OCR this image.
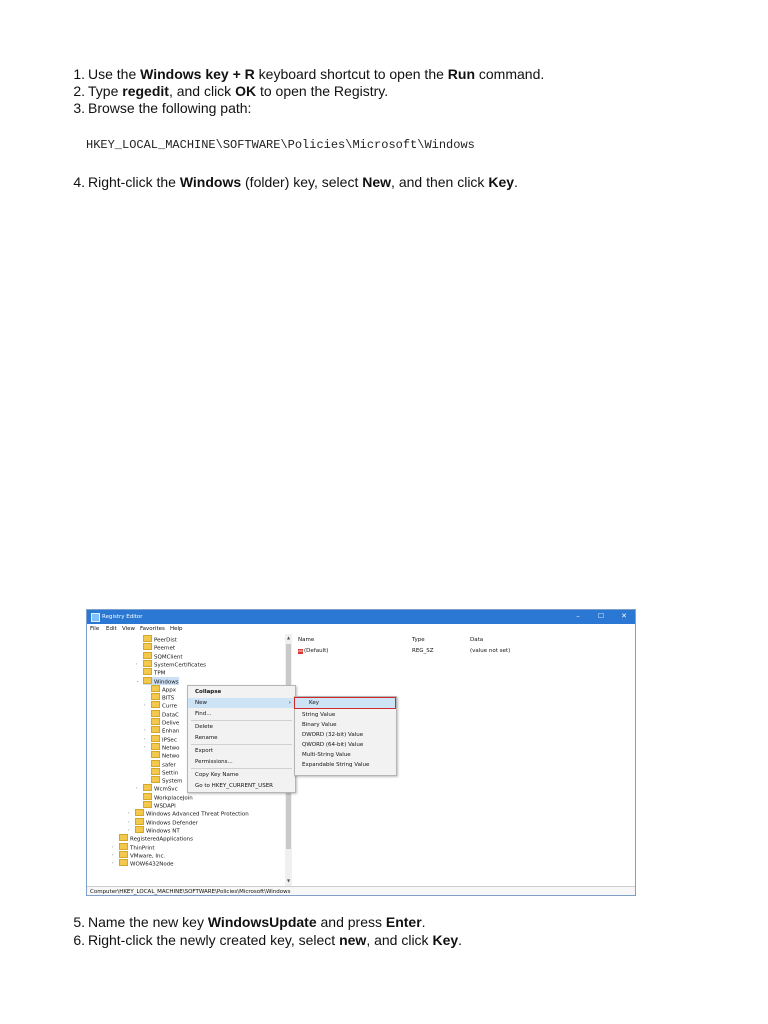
1. Use the Windows key + R keyboard shortcut to open the Run command.
2. Type regedit, and click OK to open the Registry.
3. Browse the following path:
HKEY_LOCAL_MACHINE\SOFTWARE\Policies\Microsoft\Windows
4. Right-click the Windows (folder) key, select New, and then click Key.
Registry Editor	–	☐	✕
File Edit View Favorites Help
PeerDist
Peernet
SQMClient
SystemCertificates
›
TPM
Windows
⌄
Appx
BITS
Curre
›
DataC
Delive
Enhan
›
IPSec
›
Netwo
›
Netwo
safer
Settin
System
WcmSvc
›
WorkplaceJoin
WSDAPI
Windows Advanced Threat Protection
›
Windows Defender
›
Windows NT
›
RegisteredApplications
ThinPrint
›
VMware, Inc.
›
WOW6432Node
›
▲
▼
Name	Type	Data
ab(Default)	REG_SZ	(value not set)
Collapse
New	›
Find...
Delete
Rename
Export
Permissions...
Copy Key Name
Go to HKEY_CURRENT_USER
Key
String Value
Binary Value
DWORD (32-bit) Value
QWORD (64-bit) Value
Multi-String Value
Expandable String Value
Computer\HKEY_LOCAL_MACHINE\SOFTWARE\Policies\Microsoft\Windows
5. Name the new key WindowsUpdate and press Enter.
6. Right-click the newly created key, select new, and click Key.
